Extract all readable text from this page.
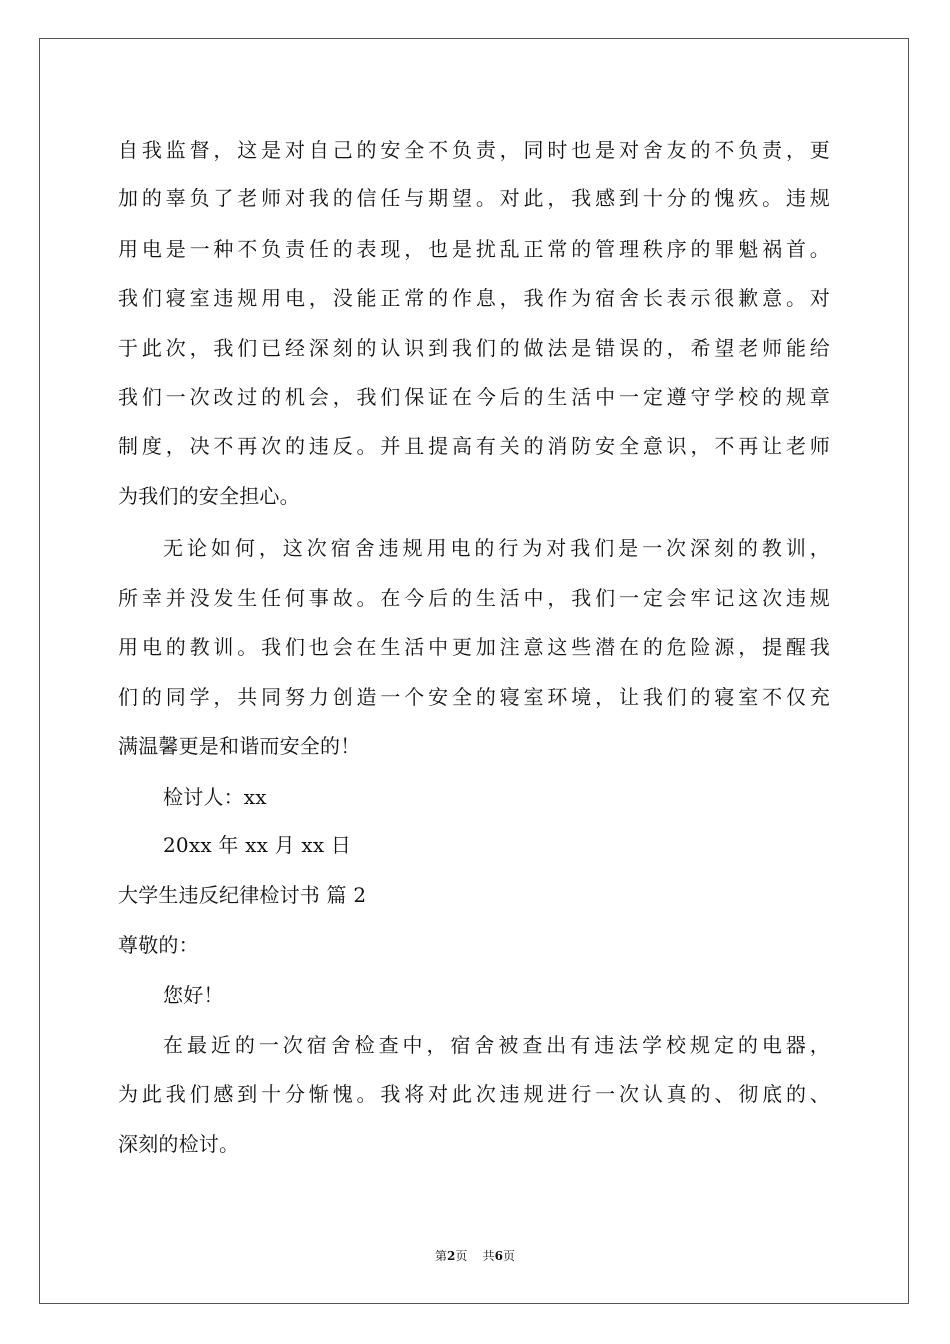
自我监督，这是对自己的安全不负责，同时也是对舍友的不负责，更
加的辜负了老师对我的信任与期望。对此，我感到十分的愧疚。违规
用电是一种不负责任的表现，也是扰乱正常的管理秩序的罪魁祸首。
我们寝室违规用电，没能正常的作息，我作为宿舍长表示很歉意。对
于此次，我们已经深刻的认识到我们的做法是错误的，希望老师能给
我们一次改过的机会，我们保证在今后的生活中一定遵守学校的规章
制度，决不再次的违反。并且提高有关的消防安全意识，不再让老师
为我们的安全担心。
无论如何，这次宿舍违规用电的行为对我们是一次深刻的教训，
所幸并没发生任何事故。在今后的生活中，我们一定会牢记这次违规
用电的教训。我们也会在生活中更加注意这些潜在的危险源，提醒我
们的同学，共同努力创造一个安全的寝室环境，让我们的寝室不仅充
满温馨更是和谐而安全的！
检讨人：xx
20xx 年 xx 月 xx 日
大学生违反纪律检讨书 篇 2
尊敬的：
您好！
在最近的一次宿舍检查中，宿舍被查出有违法学校规定的电器，
为此我们感到十分惭愧。我将对此次违规进行一次认真的、彻底的、
深刻的检讨。
第2页    共6页
